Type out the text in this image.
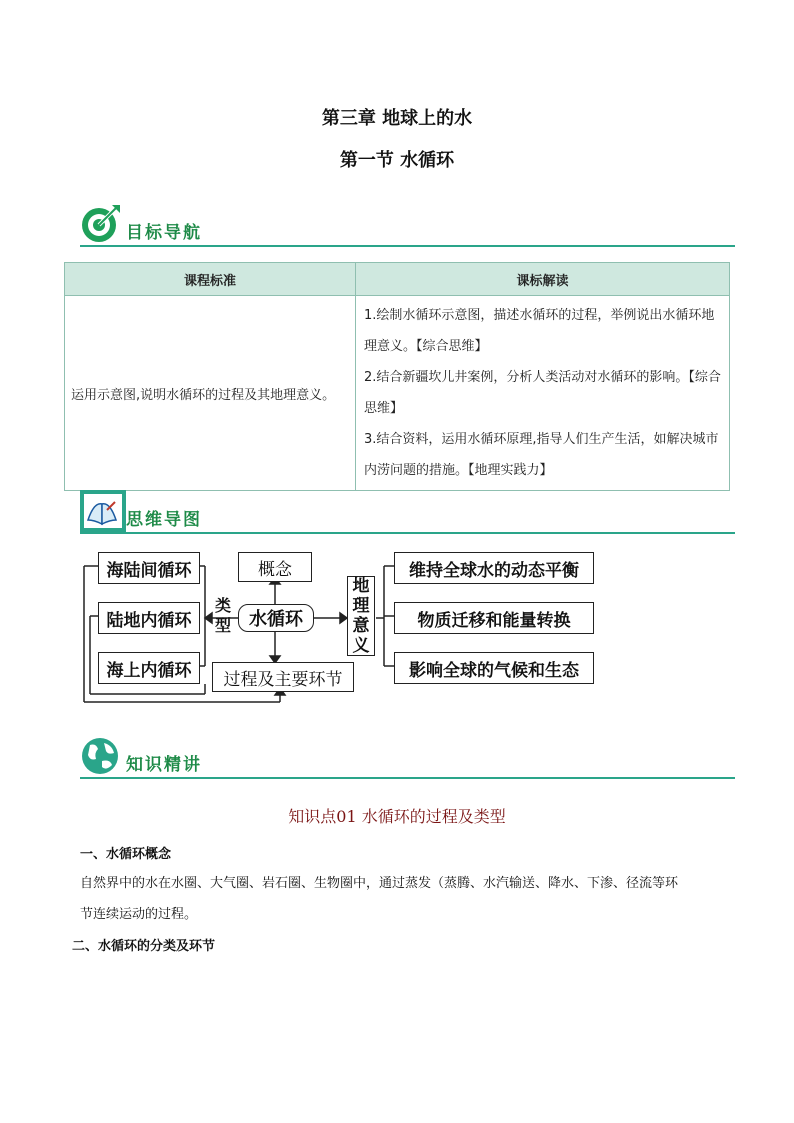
第三章 地球上的水
第一节 水循环
目标导航
课程标准	课标解读
运用示意图,说明水循环的过程及其地理意义。	1.绘制水循环示意图，描述水循环的过程，举例说出水循环地理意义。【综合思维】
2.结合新疆坎儿井案例，分析人类活动对水循环的影响。【综合思维】
3.结合资料，运用水循环原理,指导人们生产生活，如解决城市内涝问题的措施。【地理实践力】
思维导图
海陆间循环
陆地内循环
海上内循环
类型
概念
水循环
过程及主要环节
地理意义
维持全球水的动态平衡
物质迁移和能量转换
影响全球的气候和生态
知识精讲
知识点01 水循环的过程及类型
一、水循环概念
自然界中的水在水圈、大气圈、岩石圈、生物圈中，通过蒸发（蒸腾、水汽输送、降水、下渗、径流等环
节连续运动的过程。
二、水循环的分类及环节
